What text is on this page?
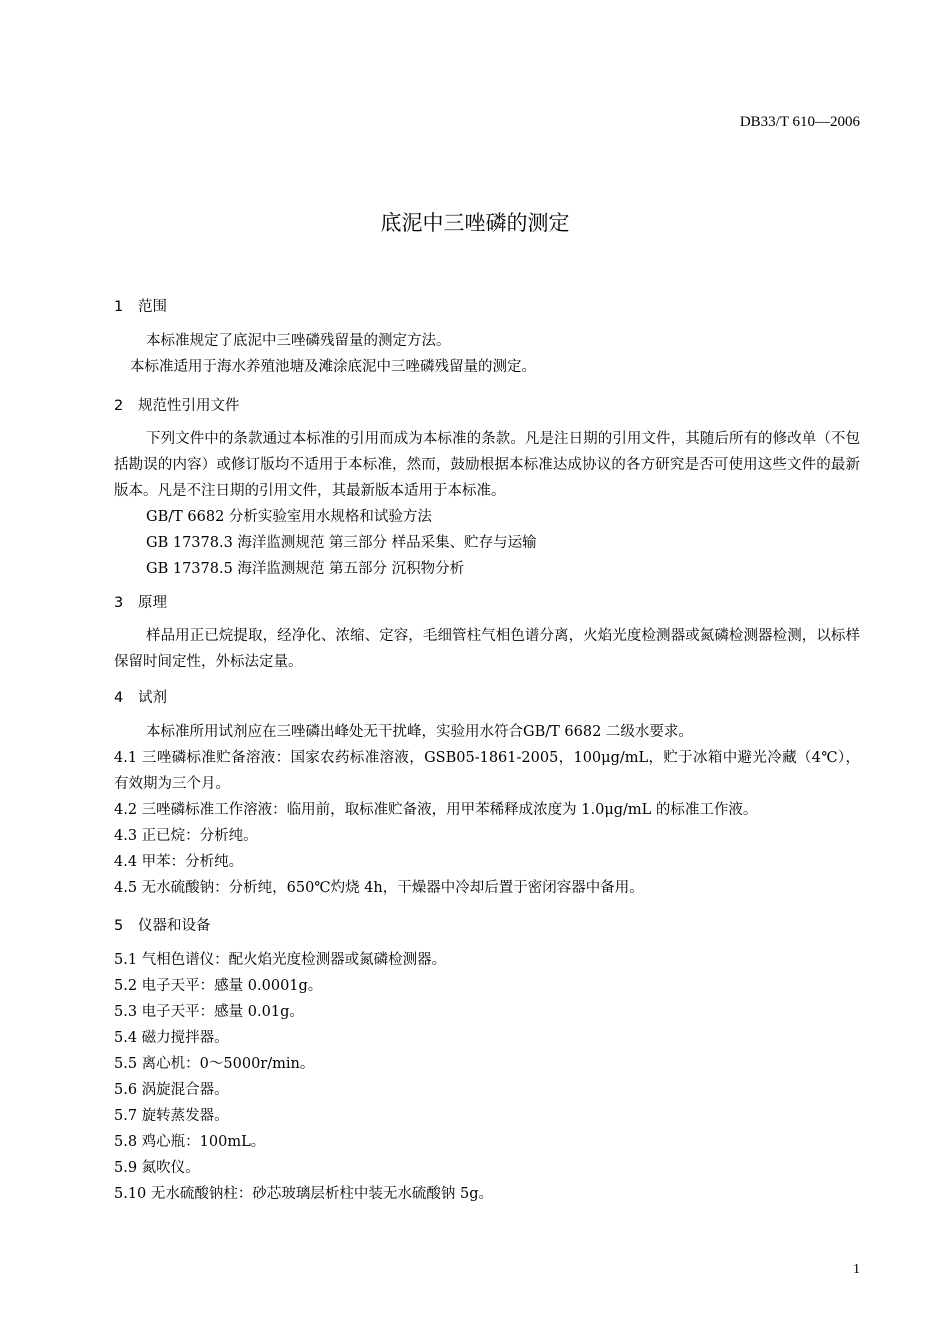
DB33/T 610—2006
底泥中三唑磷的测定
1 范围

本标准规定了底泥中三唑磷残留量的测定方法。

本标准适用于海水养殖池塘及滩涂底泥中三唑磷残留量的测定。

2 规范性引用文件

下列文件中的条款通过本标准的引用而成为本标准的条款。凡是注日期的引用文件，其随后所有的修改单（不包括勘误的内容）或修订版均不适用于本标准，然而，鼓励根据本标准达成协议的各方研究是否可使用这些文件的最新版本。凡是不注日期的引用文件，其最新版本适用于本标准。

GB/T 6682 分析实验室用水规格和试验方法

GB 17378.3 海洋监测规范 第三部分 样品采集、贮存与运输

GB 17378.5 海洋监测规范 第五部分 沉积物分析

3 原理

样品用正已烷提取，经净化、浓缩、定容，毛细管柱气相色谱分离，火焰光度检测器或氮磷检测器检测，以标样保留时间定性，外标法定量。

4 试剂

本标准所用试剂应在三唑磷出峰处无干扰峰，实验用水符合GB/T 6682 二级水要求。

4.1 三唑磷标准贮备溶液：国家农药标准溶液，GSB05-1861-2005，100μg/mL，贮于冰箱中避光冷藏（4℃），有效期为三个月。

4.2 三唑磷标准工作溶液：临用前，取标准贮备液，用甲苯稀释成浓度为 1.0μg/mL 的标准工作液。

4.3 正已烷：分析纯。

4.4 甲苯：分析纯。

4.5 无水硫酸钠：分析纯，650℃灼烧 4h，干燥器中冷却后置于密闭容器中备用。

5 仪器和设备

5.1 气相色谱仪：配火焰光度检测器或氮磷检测器。

5.2 电子天平：感量 0.0001g。

5.3 电子天平：感量 0.01g。

5.4 磁力搅拌器。

5.5 离心机：0～5000r/min。

5.6 涡旋混合器。

5.7 旋转蒸发器。

5.8 鸡心瓶：100mL。

5.9 氮吹仪。

5.10 无水硫酸钠柱：砂芯玻璃层析柱中装无水硫酸钠 5g。

1
